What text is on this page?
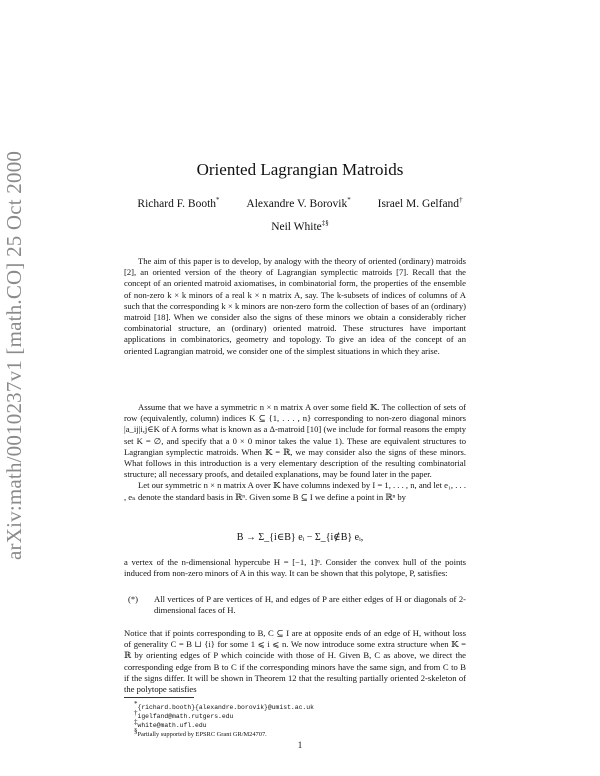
arXiv:math/0010237v1 [math.CO] 25 Oct 2000	Oriented Lagrangian Matroids
Richard F. Booth* Alexandre V. Borovik* Israel M. Gelfand†
Neil White‡§
The aim of this paper is to develop, by analogy with the theory of oriented (ordinary) matroids [2], an oriented version of the theory of Lagrangian symplectic matroids [7]. Recall that the concept of an oriented matroid axiomatises, in combinatorial form, the properties of the ensemble of non-zero k × k minors of a real k × n matrix A, say. The k-subsets of indices of columns of A such that the corresponding k × k minors are non-zero form the collection of bases of an (ordinary) matroid [18]. When we consider also the signs of these minors we obtain a considerably richer combinatorial structure, an (ordinary) oriented matroid. These structures have important applications in combinatorics, geometry and topology. To give an idea of the concept of an oriented Lagrangian matroid, we consider one of the simplest situations in which they arise.
Assume that we have a symmetric n × n matrix A over some field 𝕂. The collection of sets of row (equivalently, column) indices K ⊆ {1, . . . , n} corresponding to non-zero diagonal minors |a_ij|i,j∈K of A forms what is known as a Δ-matroid [10] (we include for formal reasons the empty set K = ∅, and specify that a 0 × 0 minor takes the value 1). These are equivalent structures to Lagrangian symplectic matroids. When 𝕂 = ℝ, we may consider also the signs of these minors. What follows in this introduction is a very elementary description of the resulting combinatorial structure; all necessary proofs, and detailed explanations, may be found later in the paper.
Let our symmetric n × n matrix A over 𝕂 have columns indexed by I = 1, . . . , n, and let e₁, . . . , eₙ denote the standard basis in ℝⁿ. Given some B ⊆ I we define a point in ℝⁿ by
B → Σ_{i∈B} eᵢ − Σ_{i∉B} eᵢ,
a vertex of the n-dimensional hypercube H = [−1, 1]ⁿ. Consider the convex hull of the points induced from non-zero minors of A in this way. It can be shown that this polytope, P, satisfies:
(*) All vertices of P are vertices of H, and edges of P are either edges of H or diagonals of 2-dimensional faces of H.
Notice that if points corresponding to B, C ⊆ I are at opposite ends of an edge of H, without loss of generality C = B ⊔ {i} for some 1 ⩽ i ⩽ n. We now introduce some extra structure when 𝕂 = ℝ by orienting edges of P which coincide with those of H. Given B, C as above, we direct the corresponding edge from B to C if the corresponding minors have the same sign, and from C to B if the signs differ. It will be shown in Theorem 12 that the resulting partially oriented 2-skeleton of the polytope satisfies
*{richard.booth}{alexandre.borovik}@umist.ac.uk
†igelfand@math.rutgers.edu
‡white@math.ufl.edu
§Partially supported by EPSRC Grant GR/M24707.
1
